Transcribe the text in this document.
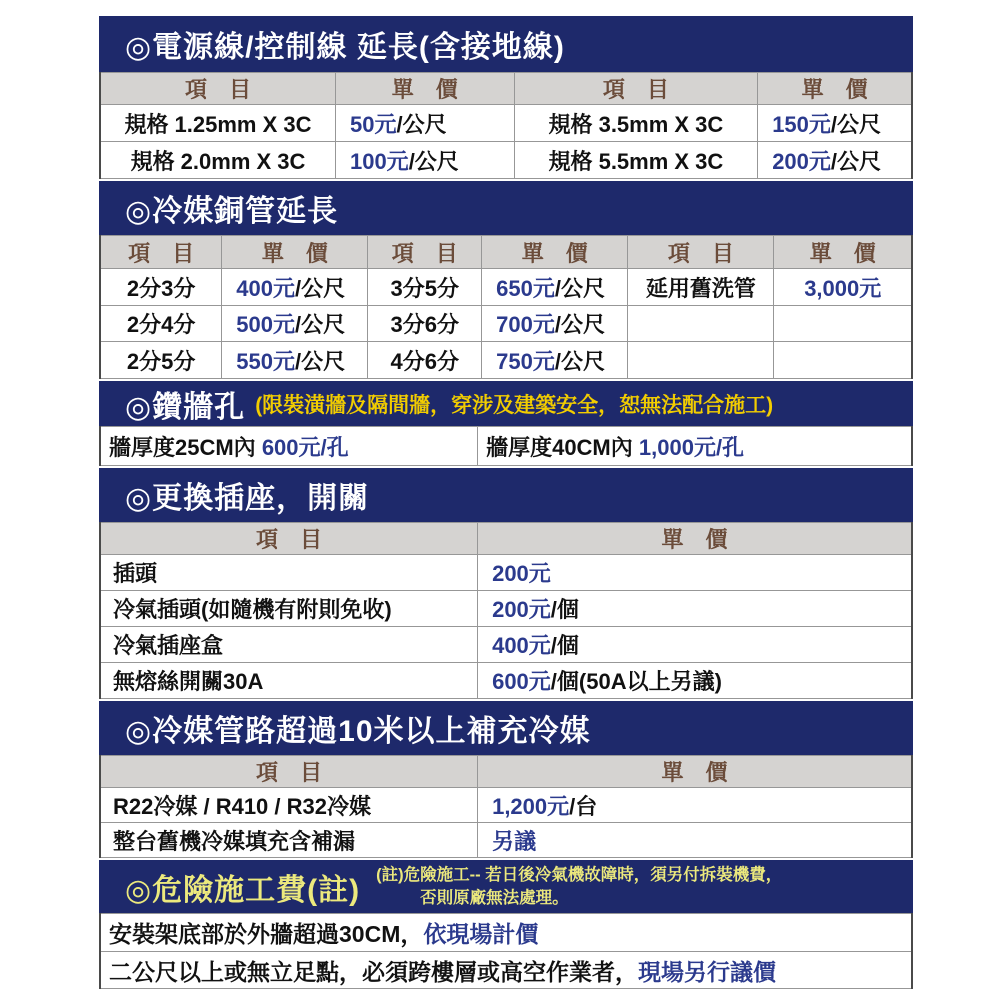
◎電源線/控制線 延長(含接地線)
項　目	單　價	項　目	單　價
規格 1.25mm X 3C	50元/公尺	規格 3.5mm X 3C	150元/公尺
規格 2.0mm X 3C	100元/公尺	規格 5.5mm X 3C	200元/公尺
◎冷媒銅管延長
項　目	單　價	項　目	單　價	項　目	單　價
2分3分	400元/公尺	3分5分	650元/公尺	延用舊洗管	3,000元
2分4分	500元/公尺	3分6分	700元/公尺		
2分5分	550元/公尺	4分6分	750元/公尺		
◎鑽牆孔 (限裝潢牆及隔間牆，穿涉及建築安全，恕無法配合施工)
牆厚度25CM內 600元/孔	牆厚度40CM內 1,000元/孔
◎更換插座，開關
項　目	單　價
插頭	200元
冷氣插頭(如隨機有附則免收)	200元/個
冷氣插座盒	400元/個
無熔絲開關30A	600元/個(50A以上另議)
◎冷媒管路超過10米以上補充冷媒
項　目	單　價
R22冷媒 / R410 / R32冷媒	1,200元/台
整台舊機冷媒填充含補漏	另議
◎危險施工費(註) (註)危險施工-- 若日後冷氣機故障時，須另付拆裝機費，
否則原廠無法處理。
安裝架底部於外牆超過30CM，依現場計價
二公尺以上或無立足點，必須跨樓層或高空作業者，現場另行議價
